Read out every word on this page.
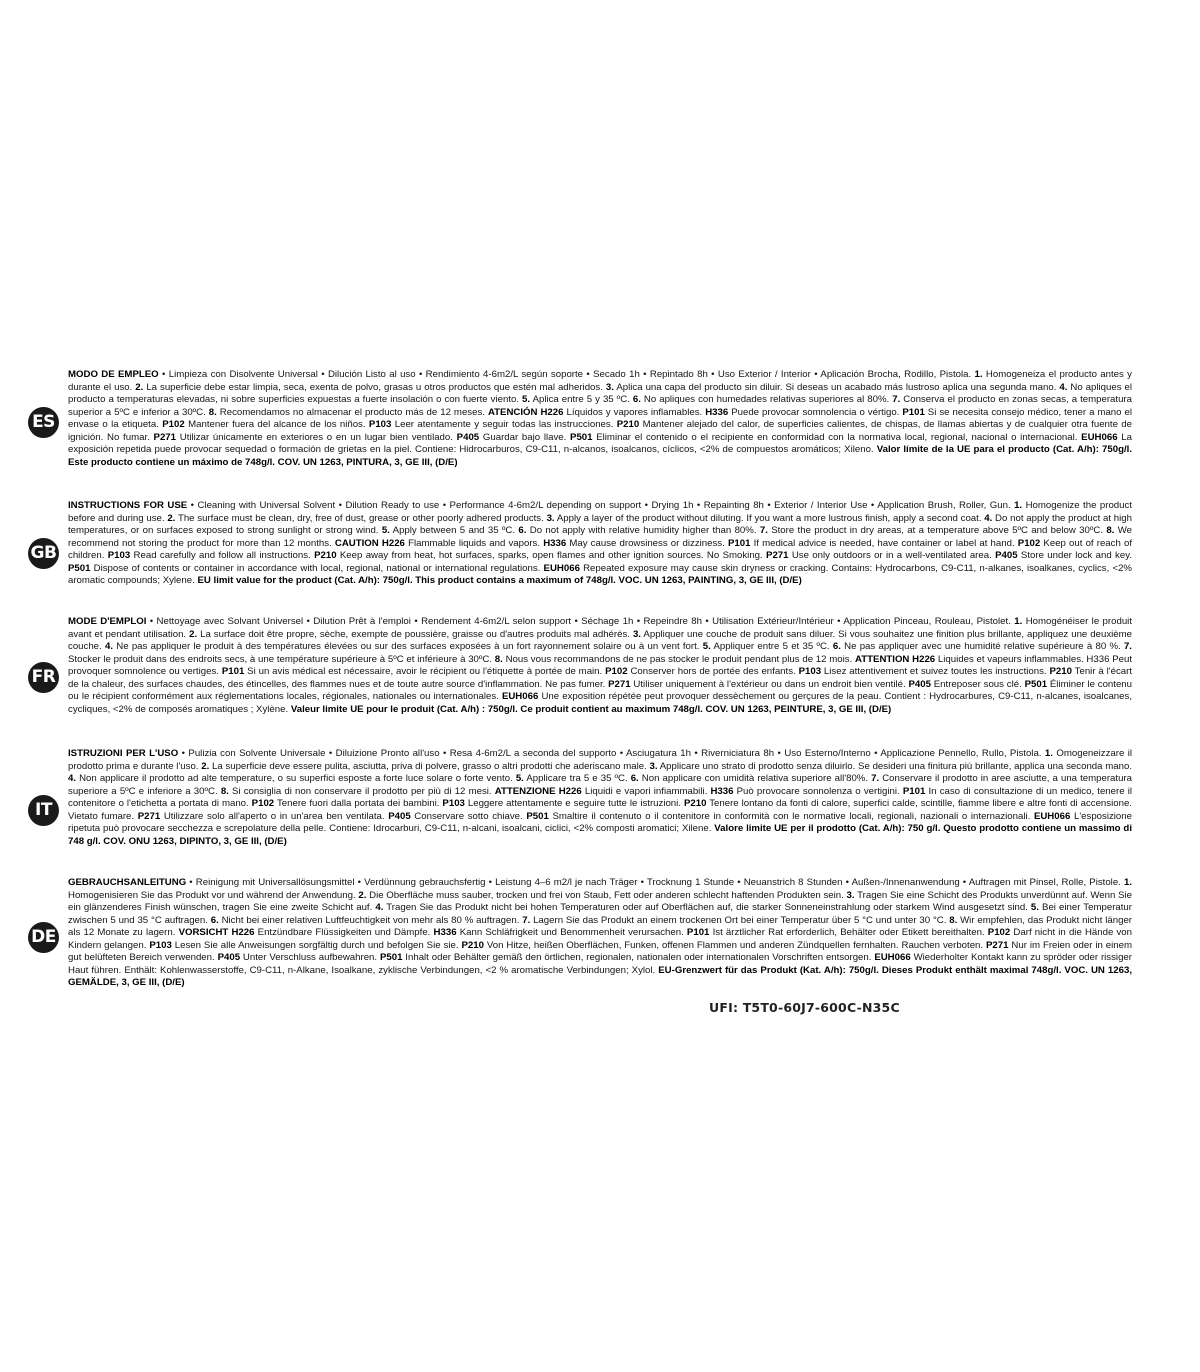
ES

MODO DE EMPLEO • Limpieza con Disolvente Universal • Dilución Listo al uso • Rendimiento 4-6m2/L según soporte • Secado 1h • Repintado 8h • Uso Exterior / Interior • Aplicación Brocha, Rodillo, Pistola. 1. Homogeneiza el producto antes y durante el uso. 2. La superficie debe estar limpia, seca, exenta de polvo, grasas u otros productos que estén mal adheridos. 3. Aplica una capa del producto sin diluir. Si deseas un acabado más lustroso aplica una segunda mano. 4. No apliques el producto a temperaturas elevadas, ni sobre superficies expuestas a fuerte insolación o con fuerte viento. 5. Aplica entre 5 y 35 ºC. 6. No apliques con humedades relativas superiores al 80%. 7. Conserva el producto en zonas secas, a temperatura superior a 5ºC e inferior a 30ºC. 8. Recomendamos no almacenar el producto más de 12 meses. ATENCIÓN H226 Líquidos y vapores inflamables. H336 Puede provocar somnolencia o vértigo. P101 Si se necesita consejo médico, tener a mano el envase o la etiqueta. P102 Mantener fuera del alcance de los niños. P103 Leer atentamente y seguir todas las instrucciones. P210 Mantener alejado del calor, de superficies calientes, de chispas, de llamas abiertas y de cualquier otra fuente de ignición. No fumar. P271 Utilizar únicamente en exteriores o en un lugar bien ventilado. P405 Guardar bajo llave. P501 Eliminar el contenido o el recipiente en conformidad con la normativa local, regional, nacional o internacional. EUH066 La exposición repetida puede provocar sequedad o formación de grietas en la piel. Contiene: Hidrocarburos, C9-C11, n-alcanos, isoalcanos, cíclicos, <2% de compuestos aromáticos; Xileno. Valor límite de la UE para el producto (Cat. A/h): 750g/l. Este producto contiene un máximo de 748g/l. COV. UN 1263, PINTURA, 3, GE III, (D/E)

GB

INSTRUCTIONS FOR USE • Cleaning with Universal Solvent • Dilution Ready to use • Performance 4-6m2/L depending on support • Drying 1h • Repainting 8h • Exterior / Interior Use • Application Brush, Roller, Gun. 1. Homogenize the product before and during use. 2. The surface must be clean, dry, free of dust, grease or other poorly adhered products. 3. Apply a layer of the product without diluting. If you want a more lustrous finish, apply a second coat. 4. Do not apply the product at high temperatures, or on surfaces exposed to strong sunlight or strong wind. 5. Apply between 5 and 35 ºC. 6. Do not apply with relative humidity higher than 80%. 7. Store the product in dry areas, at a temperature above 5ºC and below 30ºC. 8. We recommend not storing the product for more than 12 months. CAUTION H226 Flammable liquids and vapors. H336 May cause drowsiness or dizziness. P101 If medical advice is needed, have container or label at hand. P102 Keep out of reach of children. P103 Read carefully and follow all instructions. P210 Keep away from heat, hot surfaces, sparks, open flames and other ignition sources. No Smoking. P271 Use only outdoors or in a well-ventilated area. P405 Store under lock and key. P501 Dispose of contents or container in accordance with local, regional, national or international regulations. EUH066 Repeated exposure may cause skin dryness or cracking. Contains: Hydrocarbons, C9-C11, n-alkanes, isoalkanes, cyclics, <2% aromatic compounds; Xylene. EU limit value for the product (Cat. A/h): 750g/l. This product contains a maximum of 748g/l. VOC. UN 1263, PAINTING, 3, GE III, (D/E)

FR

MODE D'EMPLOI • Nettoyage avec Solvant Universel • Dilution Prêt à l'emploi • Rendement 4-6m2/L selon support • Séchage 1h • Repeindre 8h • Utilisation Extérieur/Intérieur • Application Pinceau, Rouleau, Pistolet. 1. Homogénéiser le produit avant et pendant utilisation. 2. La surface doit être propre, sèche, exempte de poussière, graisse ou d'autres produits mal adhérés. 3. Appliquer une couche de produit sans diluer. Si vous souhaitez une finition plus brillante, appliquez une deuxième couche. 4. Ne pas appliquer le produit à des températures élevées ou sur des surfaces exposées à un fort rayonnement solaire ou à un vent fort. 5. Appliquer entre 5 et 35 ºC. 6. Ne pas appliquer avec une humidité relative supérieure à 80 %. 7. Stocker le produit dans des endroits secs, à une température supérieure à 5ºC et inférieure à 30ºC. 8. Nous vous recommandons de ne pas stocker le produit pendant plus de 12 mois. ATTENTION H226 Liquides et vapeurs inflammables. H336 Peut provoquer somnolence ou vertiges. P101 Si un avis médical est nécessaire, avoir le récipient ou l'étiquette à portée de main. P102 Conserver hors de portée des enfants. P103 Lisez attentivement et suivez toutes les instructions. P210 Tenir à l'écart de la chaleur, des surfaces chaudes, des étincelles, des flammes nues et de toute autre source d'inflammation. Ne pas fumer. P271 Utiliser uniquement à l'extérieur ou dans un endroit bien ventilé. P405 Entreposer sous clé. P501 Éliminer le contenu ou le récipient conformément aux réglementations locales, régionales, nationales ou internationales. EUH066 Une exposition répétée peut provoquer dessèchement ou gerçures de la peau. Contient : Hydrocarbures, C9-C11, n-alcanes, isoalcanes, cycliques, <2% de composés aromatiques ; Xylène. Valeur limite UE pour le produit (Cat. A/h) : 750g/l. Ce produit contient au maximum 748g/l. COV. UN 1263, PEINTURE, 3, GE III, (D/E)

IT

ISTRUZIONI PER L'USO • Pulizia con Solvente Universale • Diluizione Pronto all'uso • Resa 4-6m2/L a seconda del supporto • Asciugatura 1h • Riverniciatura 8h • Uso Esterno/Interno • Applicazione Pennello, Rullo, Pistola. 1. Omogeneizzare il prodotto prima e durante l'uso. 2. La superficie deve essere pulita, asciutta, priva di polvere, grasso o altri prodotti che aderiscano male. 3. Applicare uno strato di prodotto senza diluirlo. Se desideri una finitura più brillante, applica una seconda mano. 4. Non applicare il prodotto ad alte temperature, o su superfici esposte a forte luce solare o forte vento. 5. Applicare tra 5 e 35 ºC. 6. Non applicare con umidità relativa superiore all'80%. 7. Conservare il prodotto in aree asciutte, a una temperatura superiore a 5ºC e inferiore a 30ºC. 8. Si consiglia di non conservare il prodotto per più di 12 mesi. ATTENZIONE H226 Liquidi e vapori infiammabili. H336 Può provocare sonnolenza o vertigini. P101 In caso di consultazione di un medico, tenere il contenitore o l'etichetta a portata di mano. P102 Tenere fuori dalla portata dei bambini. P103 Leggere attentamente e seguire tutte le istruzioni. P210 Tenere lontano da fonti di calore, superfici calde, scintille, fiamme libere e altre fonti di accensione. Vietato fumare. P271 Utilizzare solo all'aperto o in un'area ben ventilata. P405 Conservare sotto chiave. P501 Smaltire il contenuto o il contenitore in conformità con le normative locali, regionali, nazionali o internazionali. EUH066 L'esposizione ripetuta può provocare secchezza e screpolature della pelle. Contiene: Idrocarburi, C9-C11, n-alcani, isoalcani, ciclici, <2% composti aromatici; Xilene. Valore limite UE per il prodotto (Cat. A/h): 750 g/l. Questo prodotto contiene un massimo di 748 g/l. COV. ONU 1263, DIPINTO, 3, GE III, (D/E)

DE

GEBRAUCHSANLEITUNG • Reinigung mit Universallösungsmittel • Verdünnung gebrauchsfertig • Leistung 4–6 m2/l je nach Träger • Trocknung 1 Stunde • Neuanstrich 8 Stunden • Außen-/Innenanwendung • Auftragen mit Pinsel, Rolle, Pistole. 1. Homogenisieren Sie das Produkt vor und während der Anwendung. 2. Die Oberfläche muss sauber, trocken und frei von Staub, Fett oder anderen schlecht haftenden Produkten sein. 3. Tragen Sie eine Schicht des Produkts unverdünnt auf. Wenn Sie ein glänzenderes Finish wünschen, tragen Sie eine zweite Schicht auf. 4. Tragen Sie das Produkt nicht bei hohen Temperaturen oder auf Oberflächen auf, die starker Sonneneinstrahlung oder starkem Wind ausgesetzt sind. 5. Bei einer Temperatur zwischen 5 und 35 °C auftragen. 6. Nicht bei einer relativen Luftfeuchtigkeit von mehr als 80 % auftragen. 7. Lagern Sie das Produkt an einem trockenen Ort bei einer Temperatur über 5 °C und unter 30 °C. 8. Wir empfehlen, das Produkt nicht länger als 12 Monate zu lagern. VORSICHT H226 Entzündbare Flüssigkeiten und Dämpfe. H336 Kann Schläfrigkeit und Benommenheit verursachen. P101 Ist ärztlicher Rat erforderlich, Behälter oder Etikett bereithalten. P102 Darf nicht in die Hände von Kindern gelangen. P103 Lesen Sie alle Anweisungen sorgfältig durch und befolgen Sie sie. P210 Von Hitze, heißen Oberflächen, Funken, offenen Flammen und anderen Zündquellen fernhalten. Rauchen verboten. P271 Nur im Freien oder in einem gut belüfteten Bereich verwenden. P405 Unter Verschluss aufbewahren. P501 Inhalt oder Behälter gemäß den örtlichen, regionalen, nationalen oder internationalen Vorschriften entsorgen. EUH066 Wiederholter Kontakt kann zu spröder oder rissiger Haut führen. Enthält: Kohlenwasserstoffe, C9-C11, n-Alkane, Isoalkane, zyklische Verbindungen, <2 % aromatische Verbindungen; Xylol. EU-Grenzwert für das Produkt (Kat. A/h): 750g/l. Dieses Produkt enthält maximal 748g/l. VOC. UN 1263, GEMÄLDE, 3, GE III, (D/E)

UFI: T5T0-60J7-600C-N35C
